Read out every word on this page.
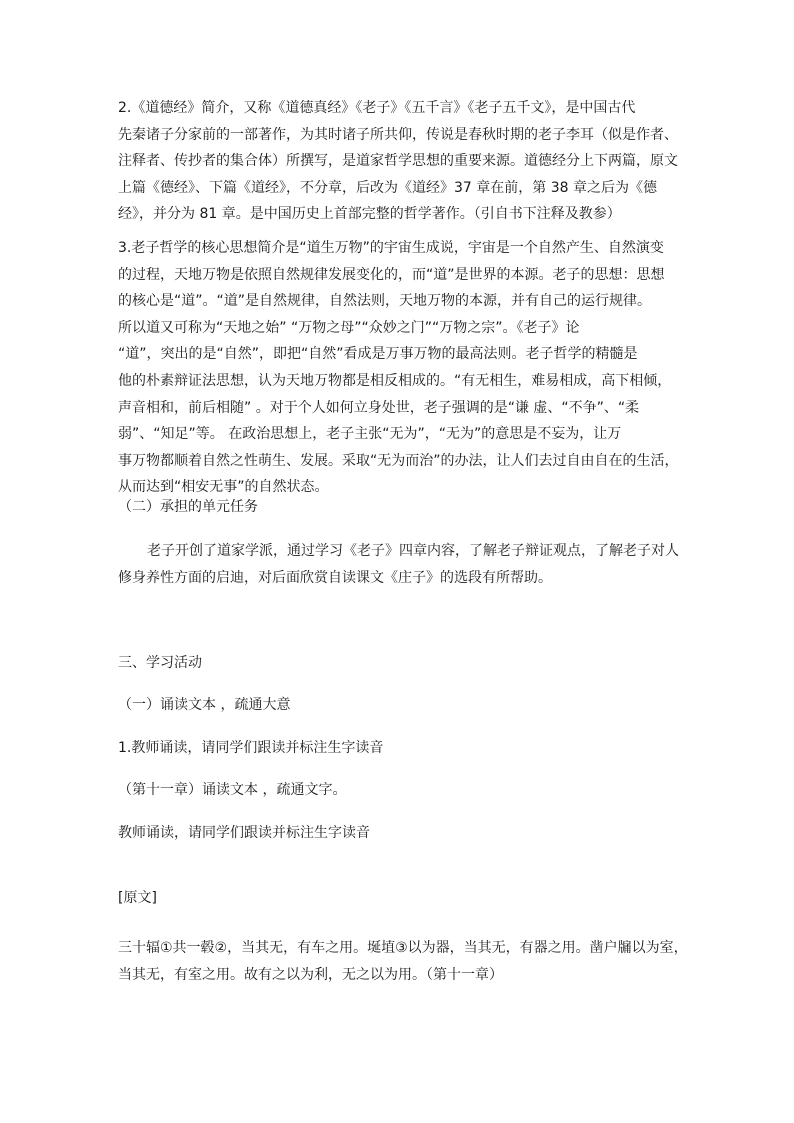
2.《道德经》简介，又称《道德真经》《老子》《五千言》《老子五千文》，是中国古代

先秦诸子分家前的一部著作，为其时诸子所共仰，传说是春秋时期的老子李耳（似是作者、

注释者、传抄者的集合体）所撰写，是道家哲学思想的重要来源。道德经分上下两篇，原文

上篇《德经》、下篇《道经》，不分章，后改为《道经》37 章在前，第 38 章之后为《德

经》，并分为 81 章。是中国历史上首部完整的哲学著作。（引自书下注释及教参）

3.老子哲学的核心思想简介是“道生万物”的宇宙生成说，宇宙是一个自然产生、自然演变

的过程，天地万物是依照自然规律发展变化的，而“道”是世界的本源。老子的思想：思想

的核心是“道”。“道”是自然规律，自然法则，天地万物的本源，并有自己的运行规律。

所以道又可称为“天地之始” “万物之母”“众妙之门”“万物之宗”。《老子》论

“道”，突出的是“自然”，即把“自然”看成是万事万物的最高法则。老子哲学的精髓是

他的朴素辩证法思想，认为天地万物都是相反相成的。“有无相生，难易相成，高下相倾，

声音相和，前后相随” 。对于个人如何立身处世，老子强调的是“谦 虚、“不争”、“柔

弱”、“知足”等。 在政治思想上，老子主张“无为”，“无为”的意思是不妄为，让万

事万物都顺着自然之性萌生、发展。采取“无为而治”的办法，让人们去过自由自在的生活，

从而达到“相安无事”的自然状态。

（二）承担的单元任务

老子开创了道家学派，通过学习《老子》四章内容，了解老子辩证观点，了解老子对人

修身养性方面的启迪，对后面欣赏自读课文《庄子》的选段有所帮助。

三、学习活动
（一）诵读文本 ，疏通大意
1.教师诵读，请同学们跟读并标注生字读音
（第十一章）诵读文本 ，疏通文字。
教师诵读，请同学们跟读并标注生字读音
[原文]

三十辐①共一毂②，当其无，有车之用。埏埴③以为器，当其无，有器之用。凿户牖以为室，

当其无，有室之用。故有之以为利，无之以为用。（第十一章）
